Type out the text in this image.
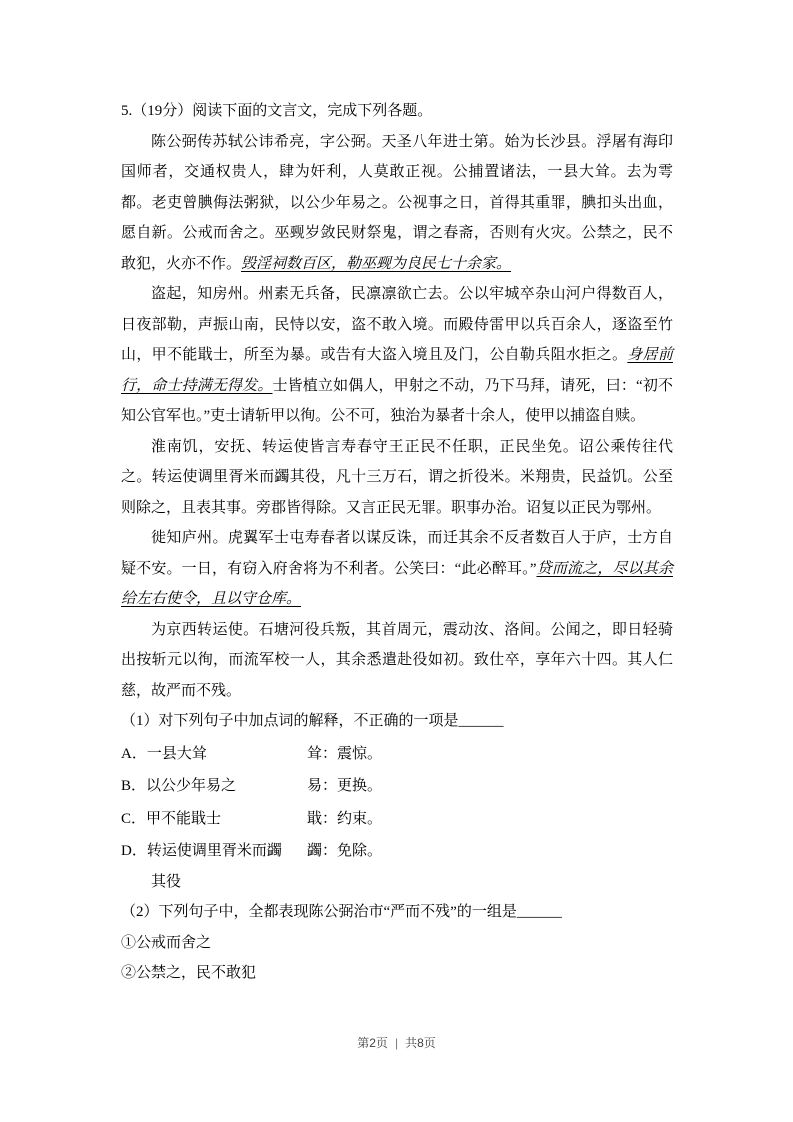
5.（19分）阅读下面的文言文，完成下列各题。

陈公弼传苏轼公讳希亮，字公弼。天圣八年进士第。始为长沙县。浮屠有海印国师者，交通权贵人，肆为奸利，人莫敢正视。公捕置诸法，一县大耸。去为雩都。老吏曾腆侮法粥狱，以公少年易之。公视事之日，首得其重罪，腆扣头出血，愿自新。公戒而舍之。巫觋岁敛民财祭鬼，谓之春斋，否则有火灾。公禁之，民不敢犯，火亦不作。毁淫祠数百区，勒巫觋为良民七十余家。

盗起，知房州。州素无兵备，民凛凛欲亡去。公以牢城卒杂山河户得数百人，日夜部勒，声振山南，民恃以安，盗不敢入境。而殿侍雷甲以兵百余人，逐盗至竹山，甲不能戢士，所至为暴。或告有大盗入境且及门，公自勒兵阻水拒之。身居前行，命士持满无得发。士皆植立如偶人，甲射之不动，乃下马拜，请死，曰：“初不知公官军也。”吏士请斩甲以徇。公不可，独治为暴者十余人，使甲以捕盗自赎。

淮南饥，安抚、转运使皆言寿春守王正民不任职，正民坐免。诏公乘传往代之。转运使调里胥米而蠲其役，凡十三万石，谓之折役米。米翔贵，民益饥。公至则除之，且表其事。旁郡皆得除。又言正民无罪。职事办治。诏复以正民为鄂州。

徙知庐州。虎翼军士屯寿春者以谋反诛，而迁其余不反者数百人于庐，士方自疑不安。一日，有窃入府舍将为不利者。公笑曰：“此必醉耳。”贷而流之，尽以其余给左右使令，且以守仓库。

为京西转运使。石塘河役兵叛，其首周元，震动汝、洛间。公闻之，即日轻骑出按斩元以徇，而流军校一人，其余悉遣赴役如初。致仕卒，享年六十四。其人仁慈，故严而不残。

（1）对下列句子中加点词的解释，不正确的一项是______

A．一县大耸	耸：震惊。
B．以公少年易之	易：更换。
C．甲不能戢士	戢：约束。
D．转运使调里胥米而蠲	蠲：免除。
其役

（2）下列句子中，全都表现陈公弼治市“严而不残”的一组是______

①公戒而舍之

②公禁之，民不敢犯

第2页 | 共8页
